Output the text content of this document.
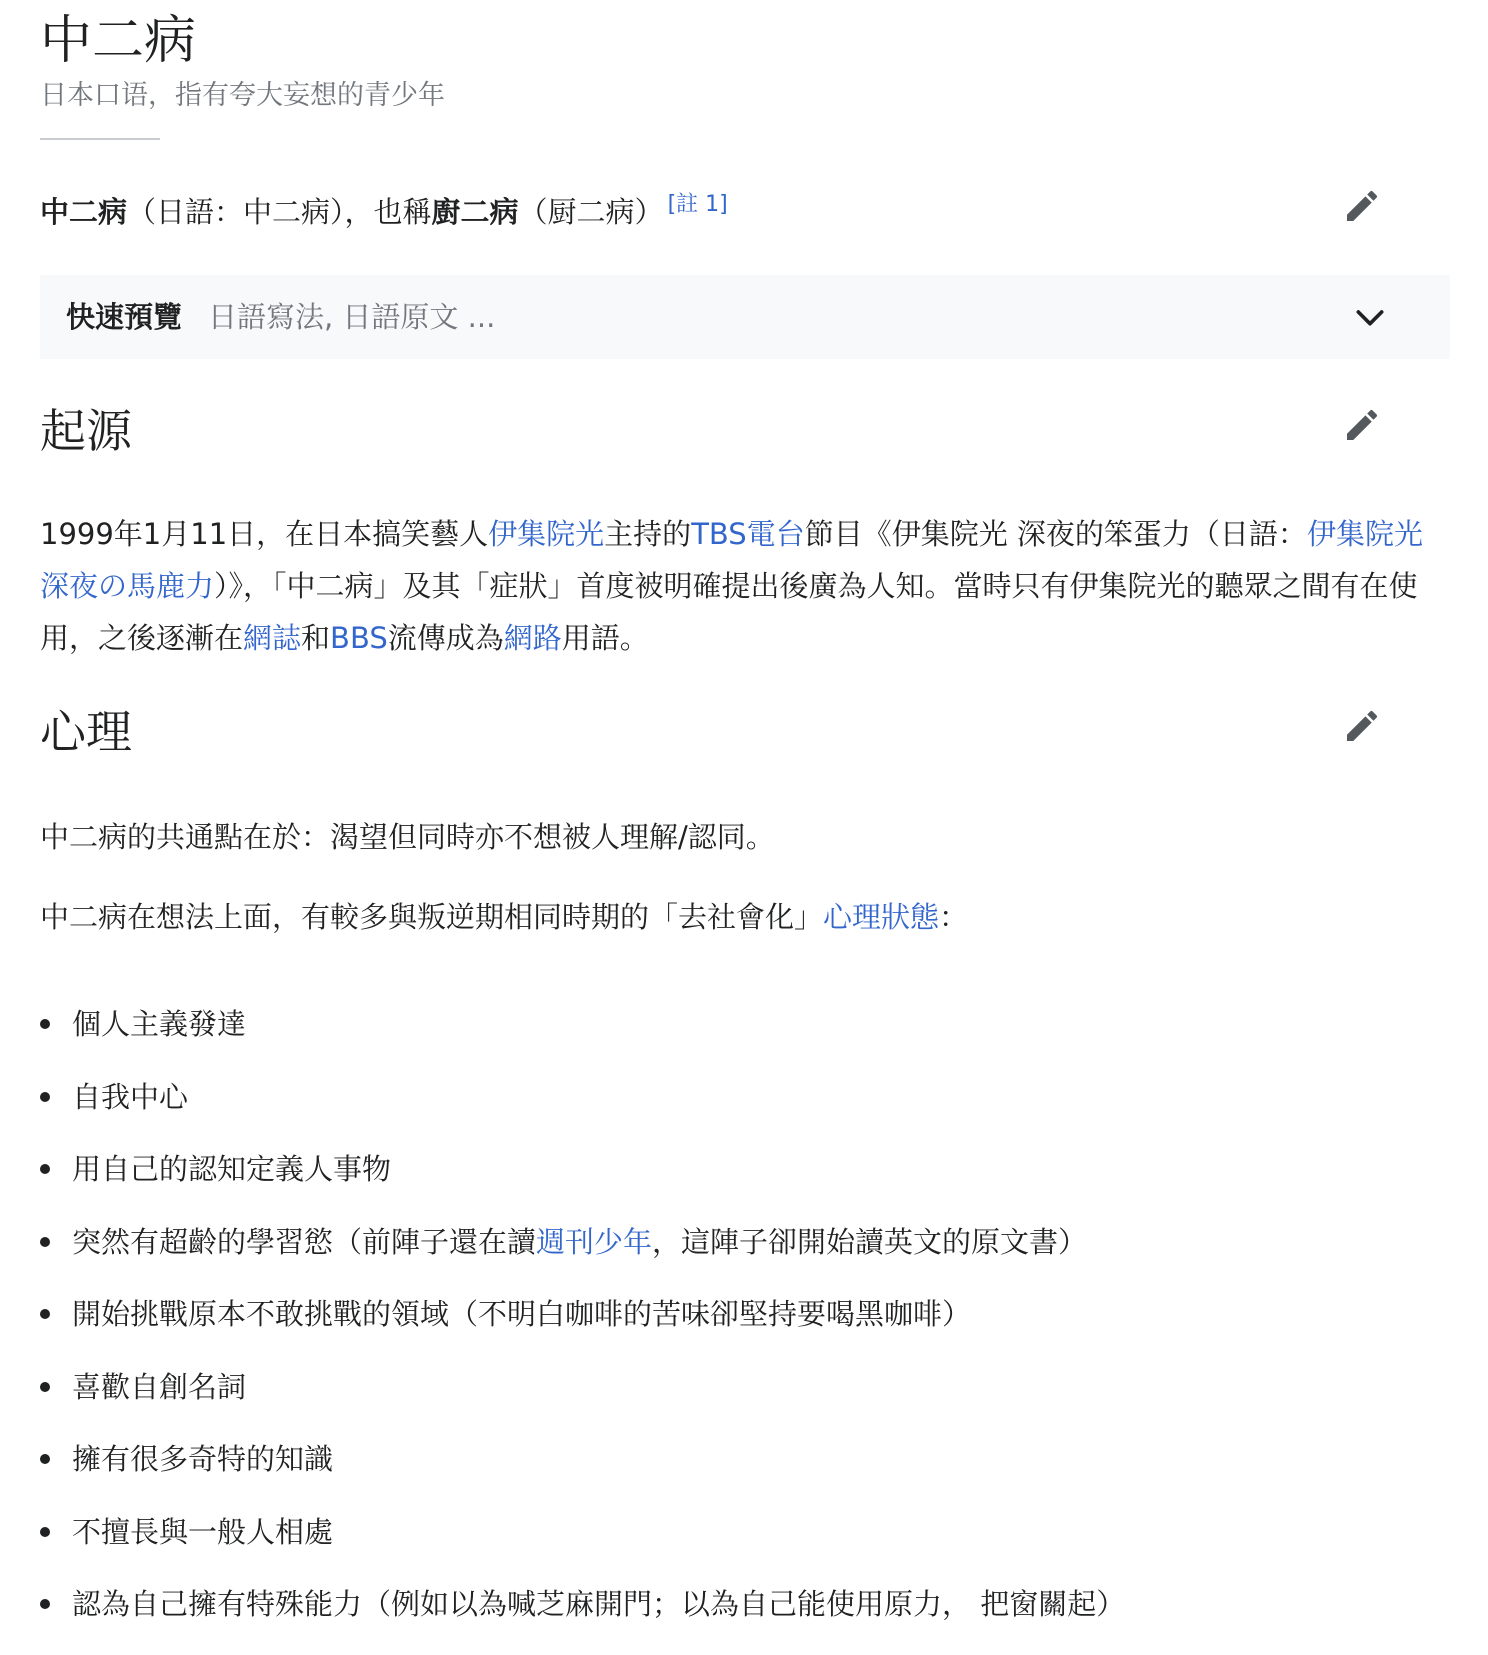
中二病
日本口语，指有夸大妄想的青少年
中二病（日語：中二病），也稱廚二病（厨二病） [註 1]
快速預覽 日語寫法, 日語原文 ...
起源

1999年1月11日，在日本搞笑藝人伊集院光主持的TBS電台節目《伊集院光 深夜的笨蛋力（日語：伊集院光 深夜の馬鹿力）》，「中二病」及其「症狀」首度被明確提出後廣為人知。當時只有伊集院光的聽眾之間有在使用，之後逐漸在網誌和BBS流傳成為網路用語。

心理

中二病的共通點在於：渴望但同時亦不想被人理解/認同。

中二病在想法上面，有較多與叛逆期相同時期的「去社會化」心理狀態：

個人主義發達
自我中心
用自己的認知定義人事物
突然有超齡的學習慾（前陣子還在讀週刊少年，這陣子卻開始讀英文的原文書）
開始挑戰原本不敢挑戰的領域（不明白咖啡的苦味卻堅持要喝黑咖啡）
喜歡自創名詞
擁有很多奇特的知識
不擅長與一般人相處
認為自己擁有特殊能力（例如以為喊芝麻開門；以為自己能使用原力， 把窗關起）
